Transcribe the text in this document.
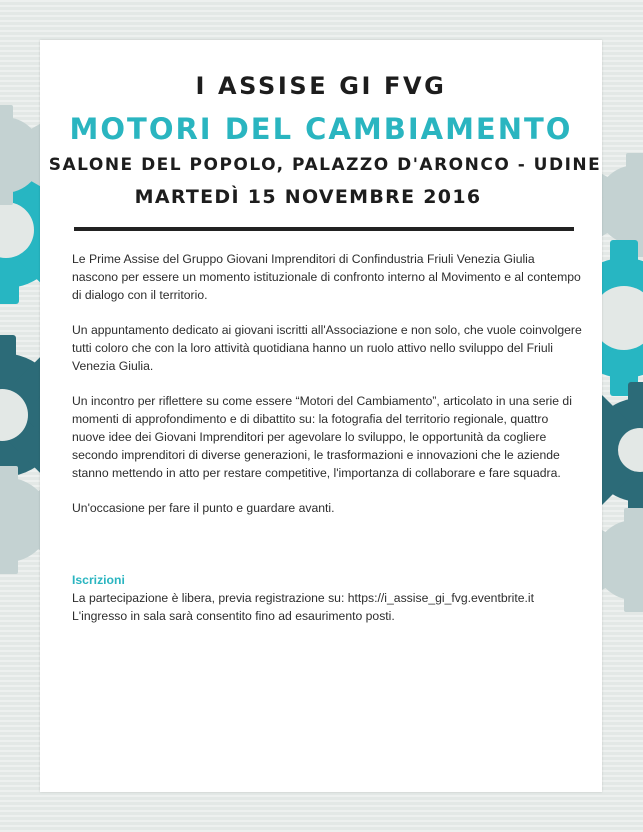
I ASSISE GI FVG
MOTORI DEL CAMBIAMENTO
SALONE DEL POPOLO, PALAZZO D'ARONCO - UDINE
MARTEDÌ 15 NOVEMBRE 2016

Le Prime Assise del Gruppo Giovani Imprenditori di Confindustria Friuli Venezia Giulia nascono per essere un momento istituzionale di confronto interno al Movimento e al contempo di dialogo con il territorio.

Un appuntamento dedicato ai giovani iscritti all'Associazione e non solo, che vuole coinvolgere tutti coloro che con la loro attività quotidiana hanno un ruolo attivo nello sviluppo del Friuli Venezia Giulia.

Un incontro per riflettere su come essere “Motori del Cambiamento”, articolato in una serie di momenti di approfondimento e di dibattito su: la fotografia del territorio regionale, quattro nuove idee dei Giovani Imprenditori per agevolare lo sviluppo, le opportunità da cogliere secondo imprenditori di diverse generazioni, le trasformazioni e innovazioni che le aziende stanno mettendo in atto per restare competitive, l'importanza di collaborare e fare squadra.

Un'occasione per fare il punto e guardare avanti.

Iscrizioni
La partecipazione è libera, previa registrazione su: https://i_assise_gi_fvg.eventbrite.it
L'ingresso in sala sarà consentito fino ad esaurimento posti.
